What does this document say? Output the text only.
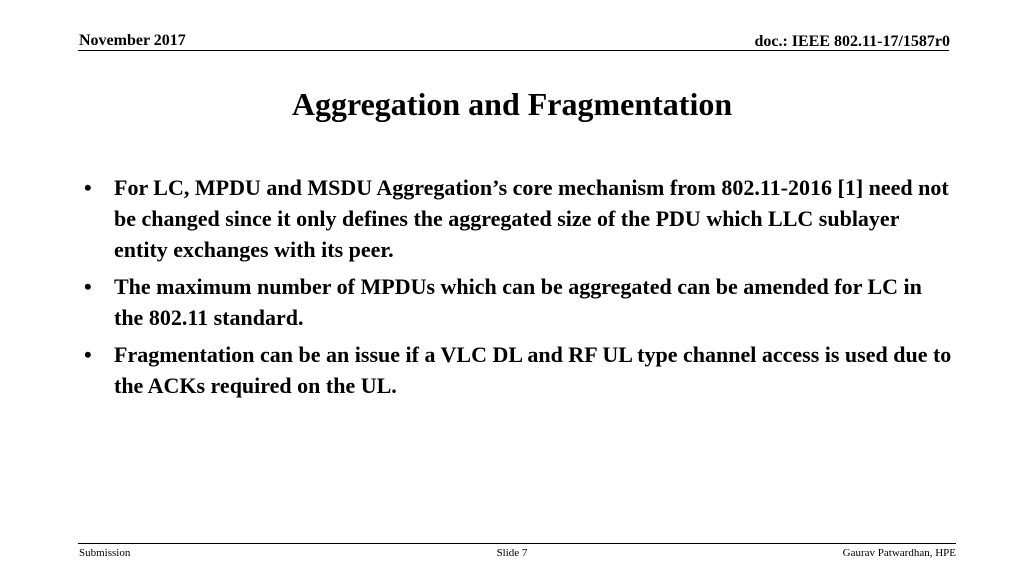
November 2017	doc.: IEEE 802.11-17/1587r0
Aggregation and Fragmentation
• For LC, MPDU and MSDU Aggregation’s core mechanism from 802.11-2016 [1] need not be changed since it only defines the aggregated size of the PDU which LLC sublayer entity exchanges with its peer.
• The maximum number of MPDUs which can be aggregated can be amended for LC in the 802.11 standard.
• Fragmentation can be an issue if a VLC DL and RF UL type channel access is used due to the ACKs required on the UL.
Submission	Slide 7	Gaurav Patwardhan, HPE
